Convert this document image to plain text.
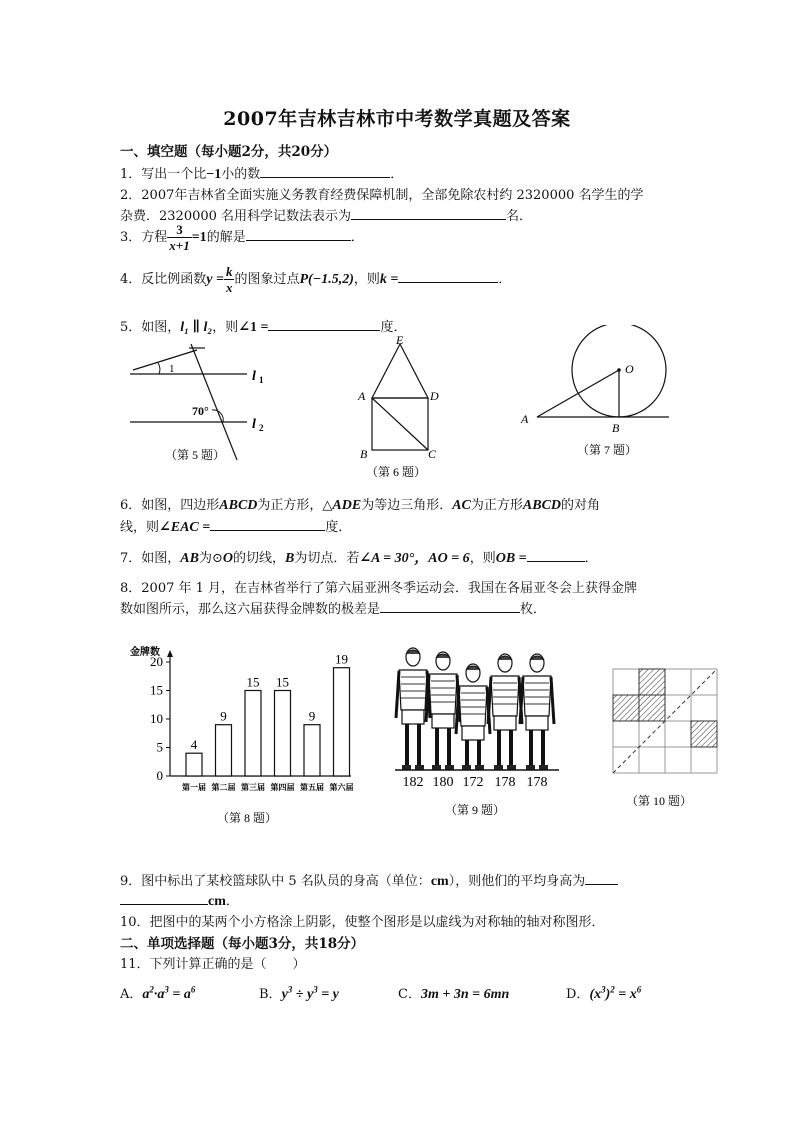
2007年吉林吉林市中考数学真题及答案
一、填空题（每小题2分，共20分）
1．写出一个比−1小的数	．
2．2007年吉林省全面实施义务教育经费保障机制，全部免除农村约 2320000 名学生的学
杂费．2320000 名用科学记数法表示为	名．
3．方程 $\frac{3}{x+1} =1$的解是	．
4．反比例函数$y = \frac{k}{x}$ 的图象过点P(−1.5,2)，则k =	．
5．如图，l₁ ∥ l₂，则∠1 =	度．
1
70°
l 1
l 2
（第 5 题）
E
A	D
B	C
（第 6 题）
O
A
B
（第 7 题）
6．如图，四边形ABCD为正方形，△ADE为等边三角形．AC为正方形ABCD的对角
线，则∠EAC =	度．
7．如图，AB为⊙O的切线，B为切点．若∠A = 30°，AO = 6，则OB =	．
8．2007 年 1 月，在吉林省举行了第六届亚洲冬季运动会．我国在各届亚冬会上获得金牌
数如图所示，那么这六届获得金牌数的极差是	枚．
金牌数
0
5
10
15
20
4
第一届
9
第二届
15
第三届
15
第四届
9
第五届
19
第六届
（第 8 题）
182 180 172 178 178
（第 9 题）
（第 10 题）
9．图中标出了某校篮球队中 5 名队员的身高（单位：cm），则他们的平均身高为
cm．
10．把图中的某两个小方格涂上阴影，使整个图形是以虚线为对称轴的轴对称图形．
二、单项选择题（每小题3分，共18分）
11．下列计算正确的是（　　）
A．$a^2\cdot a^3 = a^6$	B．$y^3 \div y^3 = y$	C．3m + 3n = 6mn	D．$(x^3)^2 = x^6$
